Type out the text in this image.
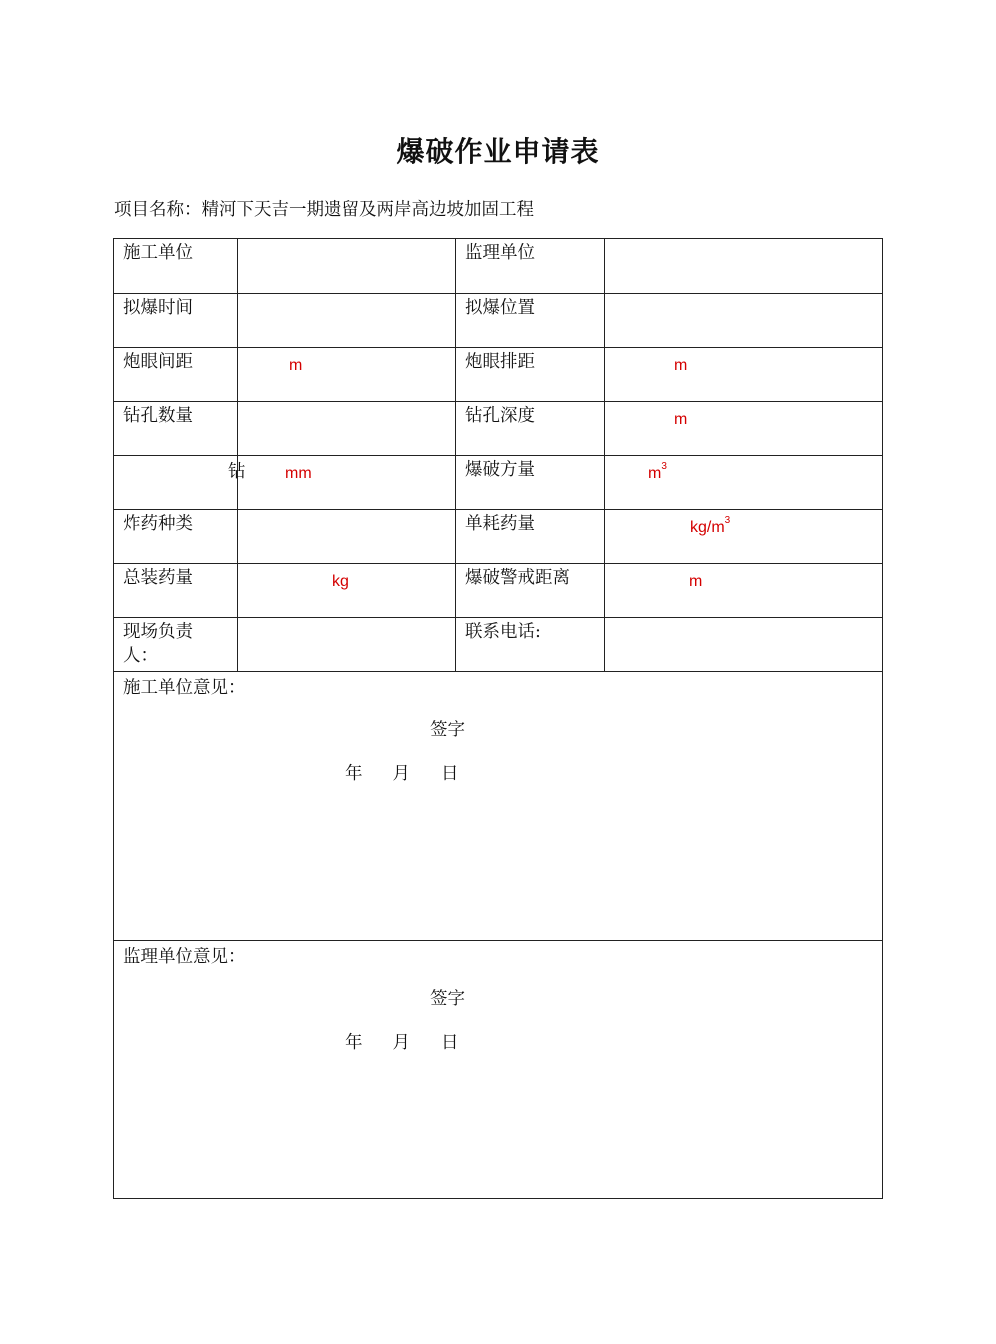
爆破作业申请表
项目名称：精河下天吉一期遗留及两岸高边坡加固工程
施工单位		监理单位	

拟爆时间		拟爆位置	

炮眼间距	m	炮眼排距	m

钻孔数量		钻孔深度	m

钻	mm	爆破方量	$m^3$

炸药种类		单耗药量	$kg/m^3$

总装药量	kg	爆破警戒距离	m

现场负责人：		联系电话:	

施工单位意见：
签字
年 月 日			

监理单位意见：
签字
年 月 日			
